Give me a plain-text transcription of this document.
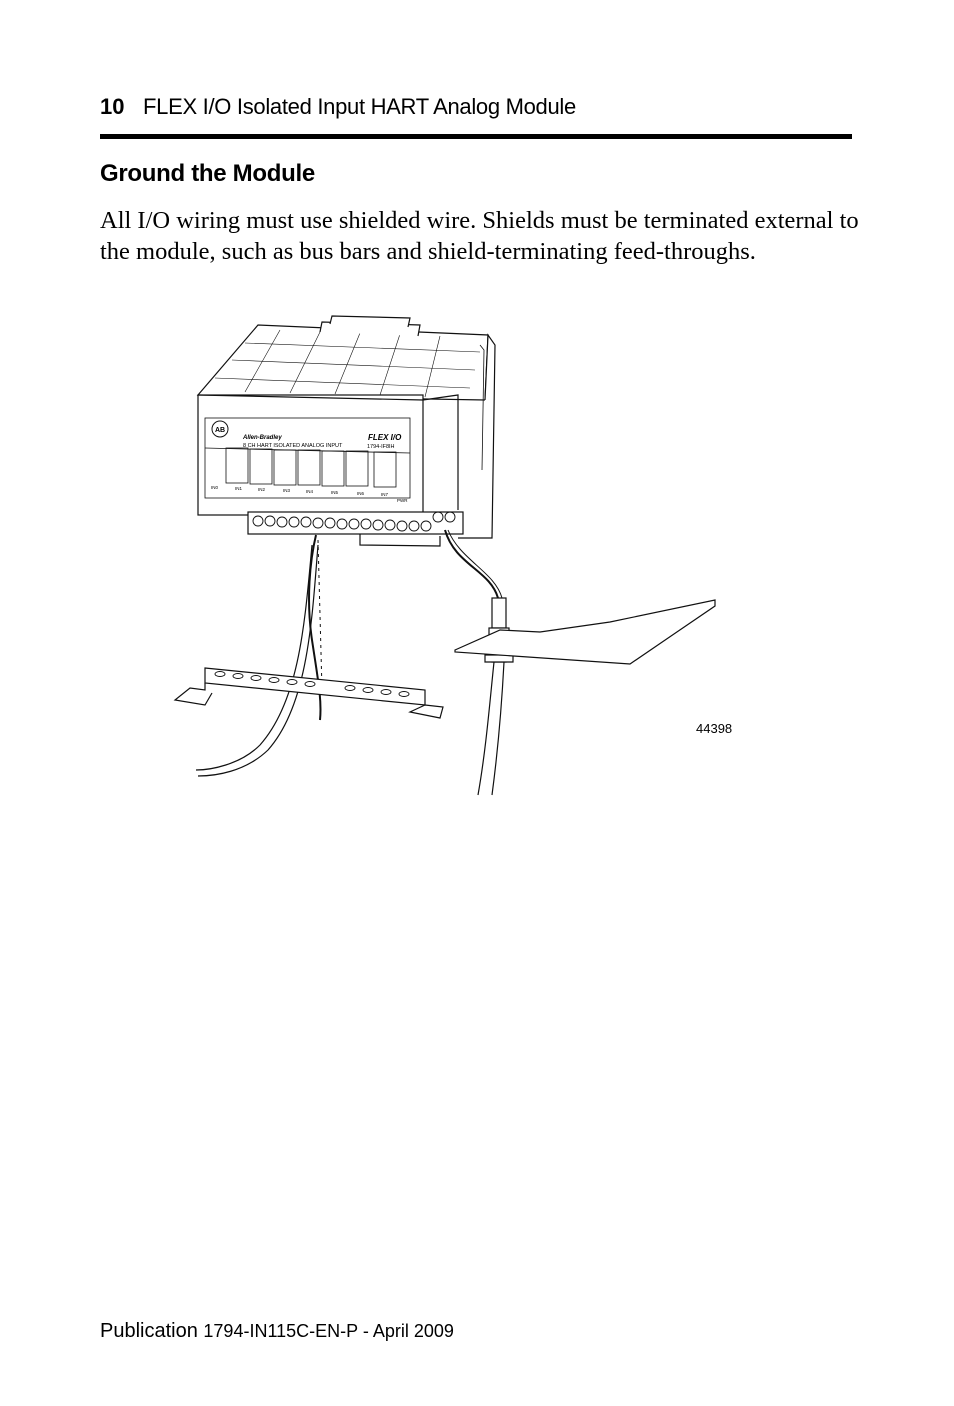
10 FLEX I/O Isolated Input HART Analog Module
Ground the Module
All I/O wiring must use shielded wire. Shields must be terminated external to the module, such as bus bars and shield-terminating feed-throughs.
AB
Allen-Bradley
8 CH HART ISOLATED ANALOG INPUT
FLEX I/O
1794-IF8IH
IN0	IN1	IN2	IN3	IN4	IN5	IN6	IN7
PWR
44398
Publication 1794-IN115C-EN-P - April 2009
